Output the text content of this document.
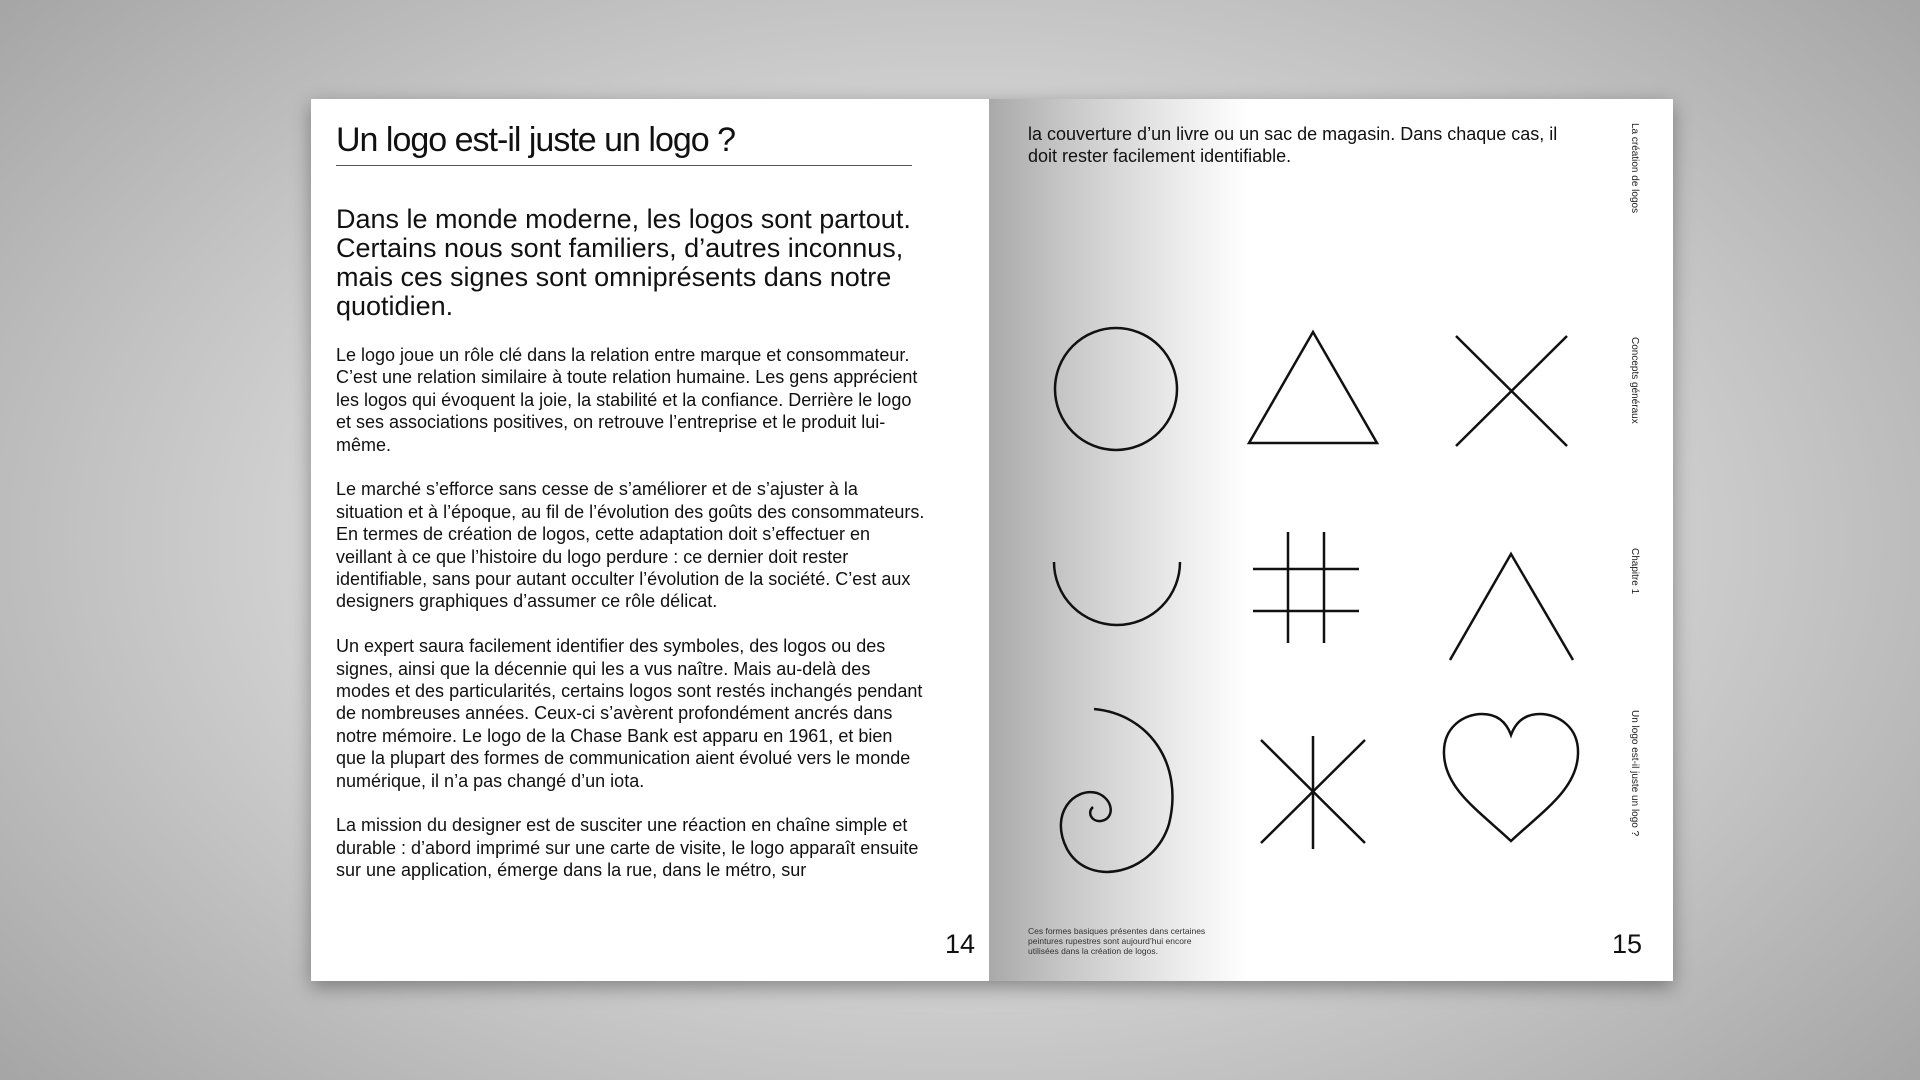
Un logo est-il juste un logo ?

Dans le monde moderne, les logos sont partout. Certains nous sont familiers, d’autres inconnus, mais ces signes sont omniprésents dans notre quotidien.

Le logo joue un rôle clé dans la relation entre marque et consommateur. C’est une relation similaire à toute relation humaine. Les gens apprécient les logos qui évoquent la joie, la stabilité et la confiance. Derrière le logo et ses associations positives, on retrouve l’entreprise et le produit lui-même.

Le marché s’efforce sans cesse de s’améliorer et de s’ajuster à la situation et à l’époque, au fil de l’évolution des goûts des consommateurs. En termes de création de logos, cette adaptation doit s’effectuer en veillant à ce que l’histoire du logo perdure : ce dernier doit rester identifiable, sans pour autant occulter l’évolution de la société. C’est aux designers graphiques d’assumer ce rôle délicat.

Un expert saura facilement identifier des symboles, des logos ou des signes, ainsi que la décennie qui les a vus naître. Mais au-delà des modes et des particularités, certains logos sont restés inchangés pendant de nombreuses années. Ceux-ci s’avèrent profondément ancrés dans notre mémoire. Le logo de la Chase Bank est apparu en 1961, et bien que la plupart des formes de communication aient évolué vers le monde numérique, il n’a pas changé d’un iota.

La mission du designer est de susciter une réaction en chaîne simple et durable : d’abord imprimé sur une carte de visite, le logo apparaît ensuite sur une application, émerge dans la rue, dans le métro, sur

14

la couverture d’un livre ou un sac de magasin. Dans chaque cas, il doit rester facilement identifiable.

Ces formes basiques présentes dans certaines peintures rupestres sont aujourd’hui encore utilisées dans la création de logos.
La création de logos
Concepts généraux
Chapitre 1
Un logo est-il juste un logo ?
15
